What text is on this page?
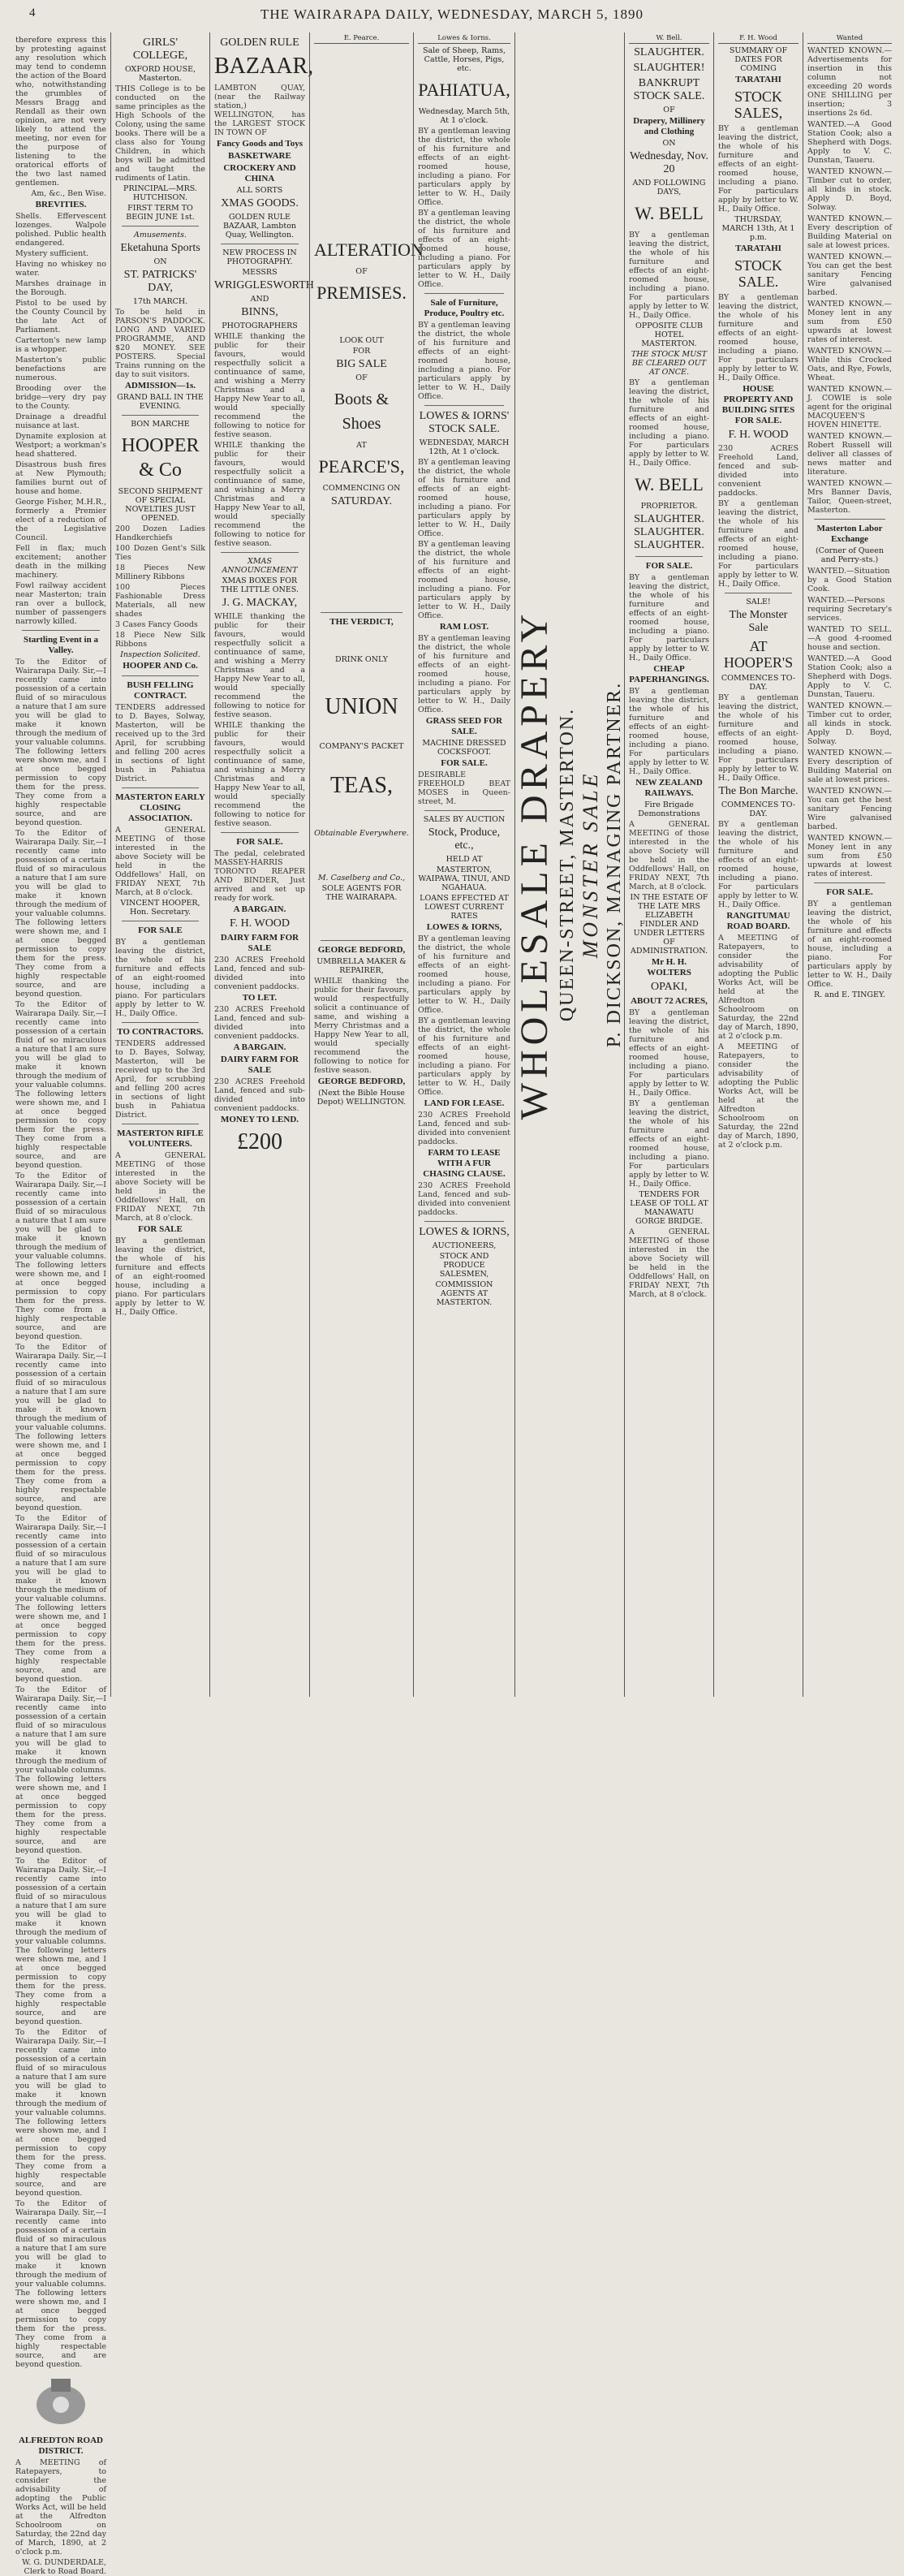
4	THE WAIRARAPA DAILY, WEDNESDAY, MARCH 5, 1890
therefore express this by protesting against any resolution which may tend to condemn the action of the Board who, notwithstanding the grumbles of Messrs Bragg and Rendall as their own opinion, are not very likely to attend the meeting, nor even for the purpose of listening to the oratorical efforts of the two last named gentlemen.
Am, &c., Ben Wise.
BREVITIES.
Shells. Effervescent lozenges. Walpole polished. Public health endangered.
Mystery sufficient.
Having no whiskey no water.
Marshes drainage in the Borough.
Pistol to be used by the County Council by the late Act of Parliament.
Carterton's new lamp is a whopper.
Masterton's public benefactions are numerous.
Brooding over the bridge—very dry pay to the County.
Drainage a dreadful nuisance at last.
Dynamite explosion at Westport; a workman's head shattered.
Disastrous bush fires at New Plymouth; families burnt out of house and home.
George Fisher, M.H.R., formerly a Premier elect of a reduction of the Legislative Council.
Fell in flax; much excitement; another death in the milking machinery.
Fowl railway accident near Masterton; train ran over a bullock, number of passengers narrowly killed.
Startling Event in a Valley.
To the Editor of Wairarapa Daily. Sir,—I recently came into possession of a certain fluid of so miraculous a nature that I am sure you will be glad to make it known through the medium of your valuable columns. The following letters were shown me, and I at once begged permission to copy them for the press. They come from a highly respectable source, and are beyond question.
To the Editor of Wairarapa Daily. Sir,—I recently came into possession of a certain fluid of so miraculous a nature that I am sure you will be glad to make it known through the medium of your valuable columns. The following letters were shown me, and I at once begged permission to copy them for the press. They come from a highly respectable source, and are beyond question.
To the Editor of Wairarapa Daily. Sir,—I recently came into possession of a certain fluid of so miraculous a nature that I am sure you will be glad to make it known through the medium of your valuable columns. The following letters were shown me, and I at once begged permission to copy them for the press. They come from a highly respectable source, and are beyond question.
To the Editor of Wairarapa Daily. Sir,—I recently came into possession of a certain fluid of so miraculous a nature that I am sure you will be glad to make it known through the medium of your valuable columns. The following letters were shown me, and I at once begged permission to copy them for the press. They come from a highly respectable source, and are beyond question.
To the Editor of Wairarapa Daily. Sir,—I recently came into possession of a certain fluid of so miraculous a nature that I am sure you will be glad to make it known through the medium of your valuable columns. The following letters were shown me, and I at once begged permission to copy them for the press. They come from a highly respectable source, and are beyond question.
To the Editor of Wairarapa Daily. Sir,—I recently came into possession of a certain fluid of so miraculous a nature that I am sure you will be glad to make it known through the medium of your valuable columns. The following letters were shown me, and I at once begged permission to copy them for the press. They come from a highly respectable source, and are beyond question.
To the Editor of Wairarapa Daily. Sir,—I recently came into possession of a certain fluid of so miraculous a nature that I am sure you will be glad to make it known through the medium of your valuable columns. The following letters were shown me, and I at once begged permission to copy them for the press. They come from a highly respectable source, and are beyond question.
To the Editor of Wairarapa Daily. Sir,—I recently came into possession of a certain fluid of so miraculous a nature that I am sure you will be glad to make it known through the medium of your valuable columns. The following letters were shown me, and I at once begged permission to copy them for the press. They come from a highly respectable source, and are beyond question.
To the Editor of Wairarapa Daily. Sir,—I recently came into possession of a certain fluid of so miraculous a nature that I am sure you will be glad to make it known through the medium of your valuable columns. The following letters were shown me, and I at once begged permission to copy them for the press. They come from a highly respectable source, and are beyond question.
To the Editor of Wairarapa Daily. Sir,—I recently came into possession of a certain fluid of so miraculous a nature that I am sure you will be glad to make it known through the medium of your valuable columns. The following letters were shown me, and I at once begged permission to copy them for the press. They come from a highly respectable source, and are beyond question.
ALFREDTON ROAD DISTRICT.
A MEETING of Ratepayers, to consider the advisability of adopting the Public Works Act, will be held at the Alfredton Schoolroom on Saturday, the 22nd day of March, 1890, at 2 o'clock p.m.
W. G. DUNDERDALE, Clerk to Road Board.
GIRLS' COLLEGE,
OXFORD HOUSE, Masterton.
THIS College is to be conducted on the same principles as the High Schools of the Colony, using the same books. There will be a class also for Young Children, in which boys will be admitted and taught the rudiments of Latin.
PRINCIPAL—MRS. HUTCHISON.
FIRST TERM TO BEGIN JUNE 1st.
Amusements.
Eketahuna Sports
ON
ST. PATRICKS' DAY,
17th MARCH.
To be held in PARSON'S PADDOCK. LONG AND VARIED PROGRAMME, AND $20 MONEY. SEE POSTERS. Special Trains running on the day to suit visitors.
ADMISSION—1s.
GRAND BALL IN THE EVENING.
BON MARCHE
HOOPER & Co
SECOND SHIPMENT OF SPECIAL NOVELTIES JUST OPENED.
200 Dozen Ladies Handkerchiefs
100 Dozen Gent's Silk Ties
18 Pieces New Millinery Ribbons
100 Pieces Fashionable Dress Materials, all new shades
3 Cases Fancy Goods
18 Piece New Silk Ribbons
Inspection Solicited.
HOOPER AND Co.
BUSH FELLING CONTRACT.
TENDERS addressed to D. Bayes, Solway, Masterton, will be received up to the 3rd April, for scrubbing and felling 200 acres in sections of light bush in Pahiatua District.
MASTERTON EARLY CLOSING ASSOCIATION.
A GENERAL MEETING of those interested in the above Society will be held in the Oddfellows' Hall, on FRIDAY NEXT, 7th March, at 8 o'clock.
VINCENT HOOPER, Hon. Secretary.
FOR SALE
BY a gentleman leaving the district, the whole of his furniture and effects of an eight-roomed house, including a piano. For particulars apply by letter to W. H., Daily Office.
TO CONTRACTORS.
TENDERS addressed to D. Bayes, Solway, Masterton, will be received up to the 3rd April, for scrubbing and felling 200 acres in sections of light bush in Pahiatua District.
MASTERTON RIFLE VOLUNTEERS.
A GENERAL MEETING of those interested in the above Society will be held in the Oddfellows' Hall, on FRIDAY NEXT, 7th March, at 8 o'clock.
FOR SALE
BY a gentleman leaving the district, the whole of his furniture and effects of an eight-roomed house, including a piano. For particulars apply by letter to W. H., Daily Office.
GOLDEN RULE
BAZAAR,
LAMBTON QUAY, (near the Railway station,) WELLINGTON, has the LARGEST STOCK IN TOWN OF
Fancy Goods and Toys
BASKETWARE
CROCKERY AND CHINA
ALL SORTS
XMAS GOODS.
GOLDEN RULE BAZAAR, Lambton Quay, Wellington.
NEW PROCESS IN PHOTOGRAPHY.
MESSRS
WRIGGLESWORTH
AND
BINNS,
PHOTOGRAPHERS
WHILE thanking the public for their favours, would respectfully solicit a continuance of same, and wishing a Merry Christmas and a Happy New Year to all, would specially recommend the following to notice for festive season.
WHILE thanking the public for their favours, would respectfully solicit a continuance of same, and wishing a Merry Christmas and a Happy New Year to all, would specially recommend the following to notice for festive season.
XMAS ANNOUNCEMENT
XMAS BOXES FOR THE LITTLE ONES.
J. G. MACKAY,
WHILE thanking the public for their favours, would respectfully solicit a continuance of same, and wishing a Merry Christmas and a Happy New Year to all, would specially recommend the following to notice for festive season.
WHILE thanking the public for their favours, would respectfully solicit a continuance of same, and wishing a Merry Christmas and a Happy New Year to all, would specially recommend the following to notice for festive season.
FOR SALE.
The pedal, celebrated MASSEY-HARRIS TORONTO REAPER AND BINDER, Just arrived and set up ready for work.
A BARGAIN.
F. H. WOOD
DAIRY FARM FOR SALE
230 ACRES Freehold Land, fenced and sub-divided into convenient paddocks.
TO LET.
230 ACRES Freehold Land, fenced and sub-divided into convenient paddocks.
A BARGAIN.
DAIRY FARM FOR SALE
230 ACRES Freehold Land, fenced and sub-divided into convenient paddocks.
MONEY TO LEND.
£200
E. Pearce.
ALTERATION
OF
PREMISES.
LOOK OUT
FOR
BIG SALE
OF
Boots & Shoes
AT
PEARCE'S,
COMMENCING ON
SATURDAY.
THE VERDICT,
DRINK ONLY
UNION
COMPANY'S PACKET
TEAS,
Obtainable Everywhere.
M. Caselberg and Co.,
SOLE AGENTS FOR THE WAIRARAPA.
GEORGE BEDFORD,
UMBRELLA MAKER & REPAIRER,
WHILE thanking the public for their favours, would respectfully solicit a continuance of same, and wishing a Merry Christmas and a Happy New Year to all, would specially recommend the following to notice for festive season.
GEORGE BEDFORD,
(Next the Bible House Depot) WELLINGTON.
Lowes & Iorns.
Sale of Sheep, Rams, Cattle, Horses, Pigs, etc.
PAHIATUA,
Wednesday, March 5th, At 1 o'clock.
BY a gentleman leaving the district, the whole of his furniture and effects of an eight-roomed house, including a piano. For particulars apply by letter to W. H., Daily Office.
BY a gentleman leaving the district, the whole of his furniture and effects of an eight-roomed house, including a piano. For particulars apply by letter to W. H., Daily Office.
Sale of Furniture, Produce, Poultry etc.
BY a gentleman leaving the district, the whole of his furniture and effects of an eight-roomed house, including a piano. For particulars apply by letter to W. H., Daily Office.
LOWES & IORNS' STOCK SALE.
WEDNESDAY, MARCH 12th, At 1 o'clock.
BY a gentleman leaving the district, the whole of his furniture and effects of an eight-roomed house, including a piano. For particulars apply by letter to W. H., Daily Office.
BY a gentleman leaving the district, the whole of his furniture and effects of an eight-roomed house, including a piano. For particulars apply by letter to W. H., Daily Office.
RAM LOST.
BY a gentleman leaving the district, the whole of his furniture and effects of an eight-roomed house, including a piano. For particulars apply by letter to W. H., Daily Office.
GRASS SEED FOR SALE.
MACHINE DRESSED COCKSFOOT.
FOR SALE.
DESIRABLE FREEHOLD BEAT MOSES in Queen-street, M.
SALES BY AUCTION
Stock, Produce, etc.,
HELD AT
MASTERTON, WAIPAWA, TINUI, AND NGAHAUA.
LOANS EFFECTED AT LOWEST CURRENT RATES
LOWES & IORNS,
BY a gentleman leaving the district, the whole of his furniture and effects of an eight-roomed house, including a piano. For particulars apply by letter to W. H., Daily Office.
BY a gentleman leaving the district, the whole of his furniture and effects of an eight-roomed house, including a piano. For particulars apply by letter to W. H., Daily Office.
LAND FOR LEASE.
230 ACRES Freehold Land, fenced and sub-divided into convenient paddocks.
FARM TO LEASE WITH A FUR CHASING CLAUSE.
230 ACRES Freehold Land, fenced and sub-divided into convenient paddocks.
LOWES & IORNS,
AUCTIONEERS,
STOCK AND PRODUCE SALESMEN,
COMMISSION AGENTS AT MASTERTON.
WHOLESALE DRAPERY QUEEN-STREET, MASTERTON. MONSTER SALE P. DICKSON, MANAGING PARTNER.
W. Bell.
SLAUGHTER.
SLAUGHTER!
BANKRUPT STOCK SALE.
OF
Drapery, Millinery and Clothing
ON
Wednesday, Nov. 20
AND FOLLOWING DAYS,
W. BELL
BY a gentleman leaving the district, the whole of his furniture and effects of an eight-roomed house, including a piano. For particulars apply by letter to W. H., Daily Office.
OPPOSITE CLUB HOTEL MASTERTON.
THE STOCK MUST BE CLEARED OUT AT ONCE.
BY a gentleman leaving the district, the whole of his furniture and effects of an eight-roomed house, including a piano. For particulars apply by letter to W. H., Daily Office.
W. BELL
PROPRIETOR.
SLAUGHTER. SLAUGHTER. SLAUGHTER.
FOR SALE.
BY a gentleman leaving the district, the whole of his furniture and effects of an eight-roomed house, including a piano. For particulars apply by letter to W. H., Daily Office.
CHEAP PAPERHANGINGS.
BY a gentleman leaving the district, the whole of his furniture and effects of an eight-roomed house, including a piano. For particulars apply by letter to W. H., Daily Office.
NEW ZEALAND RAILWAYS.
Fire Brigade Demonstrations
A GENERAL MEETING of those interested in the above Society will be held in the Oddfellows' Hall, on FRIDAY NEXT, 7th March, at 8 o'clock.
IN THE ESTATE OF THE LATE MRS ELIZABETH FINDLER AND UNDER LETTERS OF ADMINISTRATION.
Mr H. H. WOLTERS
OPAKI,
ABOUT 72 ACRES,
BY a gentleman leaving the district, the whole of his furniture and effects of an eight-roomed house, including a piano. For particulars apply by letter to W. H., Daily Office.
BY a gentleman leaving the district, the whole of his furniture and effects of an eight-roomed house, including a piano. For particulars apply by letter to W. H., Daily Office.
TENDERS FOR LEASE OF TOLL AT MANAWATU GORGE BRIDGE.
A GENERAL MEETING of those interested in the above Society will be held in the Oddfellows' Hall, on FRIDAY NEXT, 7th March, at 8 o'clock.
F. H. Wood
SUMMARY OF DATES FOR COMING
TARATAHI
STOCK SALES,
BY a gentleman leaving the district, the whole of his furniture and effects of an eight-roomed house, including a piano. For particulars apply by letter to W. H., Daily Office.
THURSDAY, MARCH 13th, At 1 p.m.
TARATAHI
STOCK SALE.
BY a gentleman leaving the district, the whole of his furniture and effects of an eight-roomed house, including a piano. For particulars apply by letter to W. H., Daily Office.
HOUSE PROPERTY AND BUILDING SITES FOR SALE.
F. H. WOOD
230 ACRES Freehold Land, fenced and sub-divided into convenient paddocks.
BY a gentleman leaving the district, the whole of his furniture and effects of an eight-roomed house, including a piano. For particulars apply by letter to W. H., Daily Office.
SALE!
The Monster Sale
AT HOOPER'S
COMMENCES TO-DAY.
BY a gentleman leaving the district, the whole of his furniture and effects of an eight-roomed house, including a piano. For particulars apply by letter to W. H., Daily Office.
The Bon Marche.
COMMENCES TO-DAY.
BY a gentleman leaving the district, the whole of his furniture and effects of an eight-roomed house, including a piano. For particulars apply by letter to W. H., Daily Office.
RANGITUMAU ROAD BOARD.
A MEETING of Ratepayers, to consider the advisability of adopting the Public Works Act, will be held at the Alfredton Schoolroom on Saturday, the 22nd day of March, 1890, at 2 o'clock p.m.
A MEETING of Ratepayers, to consider the advisability of adopting the Public Works Act, will be held at the Alfredton Schoolroom on Saturday, the 22nd day of March, 1890, at 2 o'clock p.m.
Wanted
WANTED KNOWN.—Advertisements for insertion in this column not exceeding 20 words ONE SHILLING per insertion; 3 insertions 2s 6d.
WANTED.—A Good Station Cook; also a Shepherd with Dogs. Apply to V. C. Dunstan, Taueru.
WANTED KNOWN.—Timber cut to order, all kinds in stock. Apply D. Boyd, Solway.
WANTED KNOWN.—Every description of Building Material on sale at lowest prices.
WANTED KNOWN.—You can get the best sanitary Fencing Wire galvanised barbed.
WANTED KNOWN.—Money lent in any sum from £50 upwards at lowest rates of interest.
WANTED KNOWN.—While this Crocked Oats, and Rye, Fowls, Wheat.
WANTED KNOWN.—J. COWIE is sole agent for the original MACQUEEN'S HOVEN HINETTE.
WANTED KNOWN.—Robert Russell will deliver all classes of news matter and literature.
WANTED KNOWN.—Mrs Banner Davis, Tailor, Queen-street, Masterton.
Masterton Labor Exchange
(Corner of Queen and Perry-sts.)
WANTED.—Situation by a Good Station Cook.
WANTED.—Persons requiring Secretary's services.
WANTED TO SELL.—A good 4-roomed house and section.
WANTED.—A Good Station Cook; also a Shepherd with Dogs. Apply to V. C. Dunstan, Taueru.
WANTED KNOWN.—Timber cut to order, all kinds in stock. Apply D. Boyd, Solway.
WANTED KNOWN.—Every description of Building Material on sale at lowest prices.
WANTED KNOWN.—You can get the best sanitary Fencing Wire galvanised barbed.
WANTED KNOWN.—Money lent in any sum from £50 upwards at lowest rates of interest.
FOR SALE.
BY a gentleman leaving the district, the whole of his furniture and effects of an eight-roomed house, including a piano. For particulars apply by letter to W. H., Daily Office.
R. and E. TINGEY.
